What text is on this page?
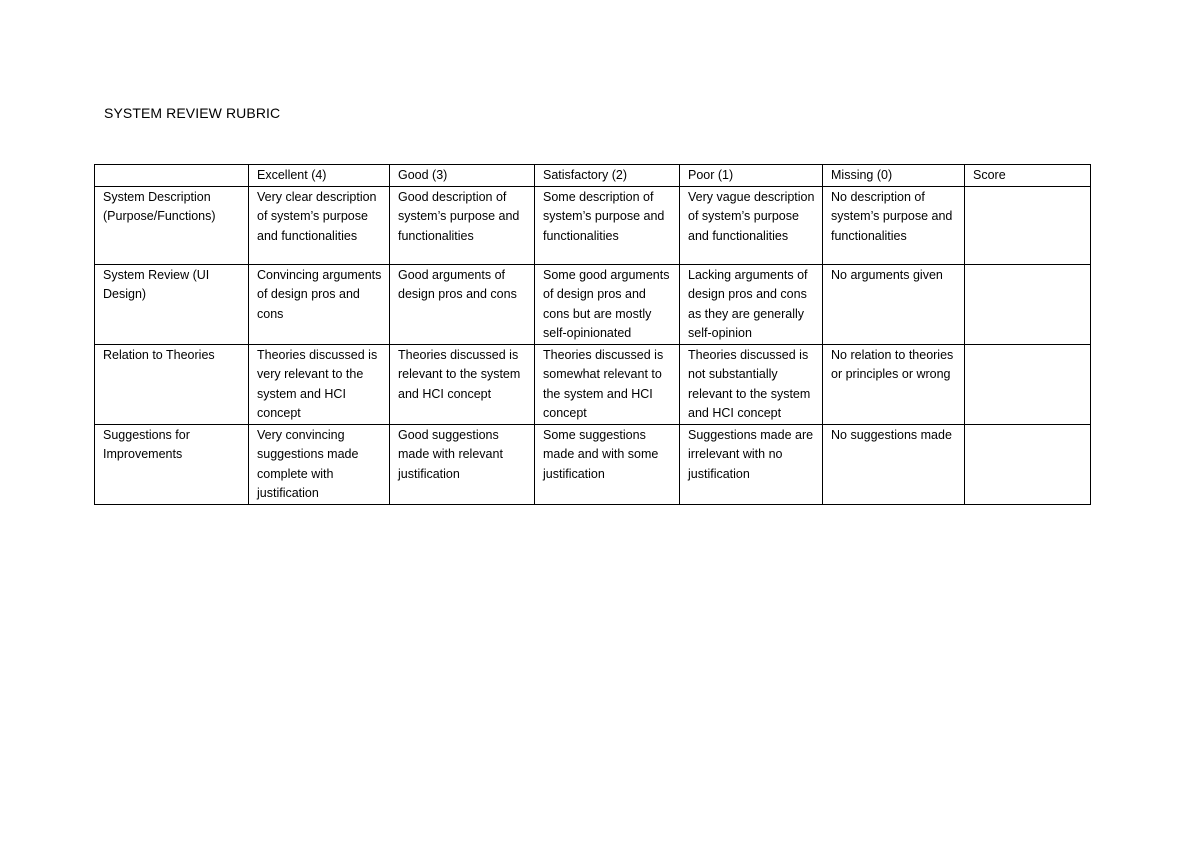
SYSTEM REVIEW RUBRIC
	Excellent (4)	Good (3)	Satisfactory (2)	Poor (1)	Missing (0)	Score
System Description (Purpose/Functions)	Very clear description of system’s purpose and functionalities	Good description of system’s purpose and functionalities	Some description of system’s purpose and functionalities	Very vague description of system’s purpose and functionalities	No description of system’s purpose and functionalities	
System Review (UI Design)	Convincing arguments of design pros and cons	Good arguments of design pros and cons	Some good arguments of design pros and cons but are mostly self-opinionated	Lacking arguments of design pros and cons as they are generally self-opinion	No arguments given	
Relation to Theories	Theories discussed is very relevant to the system and HCI concept	Theories discussed is relevant to the system and HCI concept	Theories discussed is somewhat relevant to the system and HCI concept	Theories discussed is not substantially relevant to the system and HCI concept	No relation to theories or principles or wrong	
Suggestions for Improvements	Very convincing suggestions made complete with justification	Good suggestions made with relevant justification	Some suggestions made and with some justification	Suggestions made are irrelevant with no justification	No suggestions made	
